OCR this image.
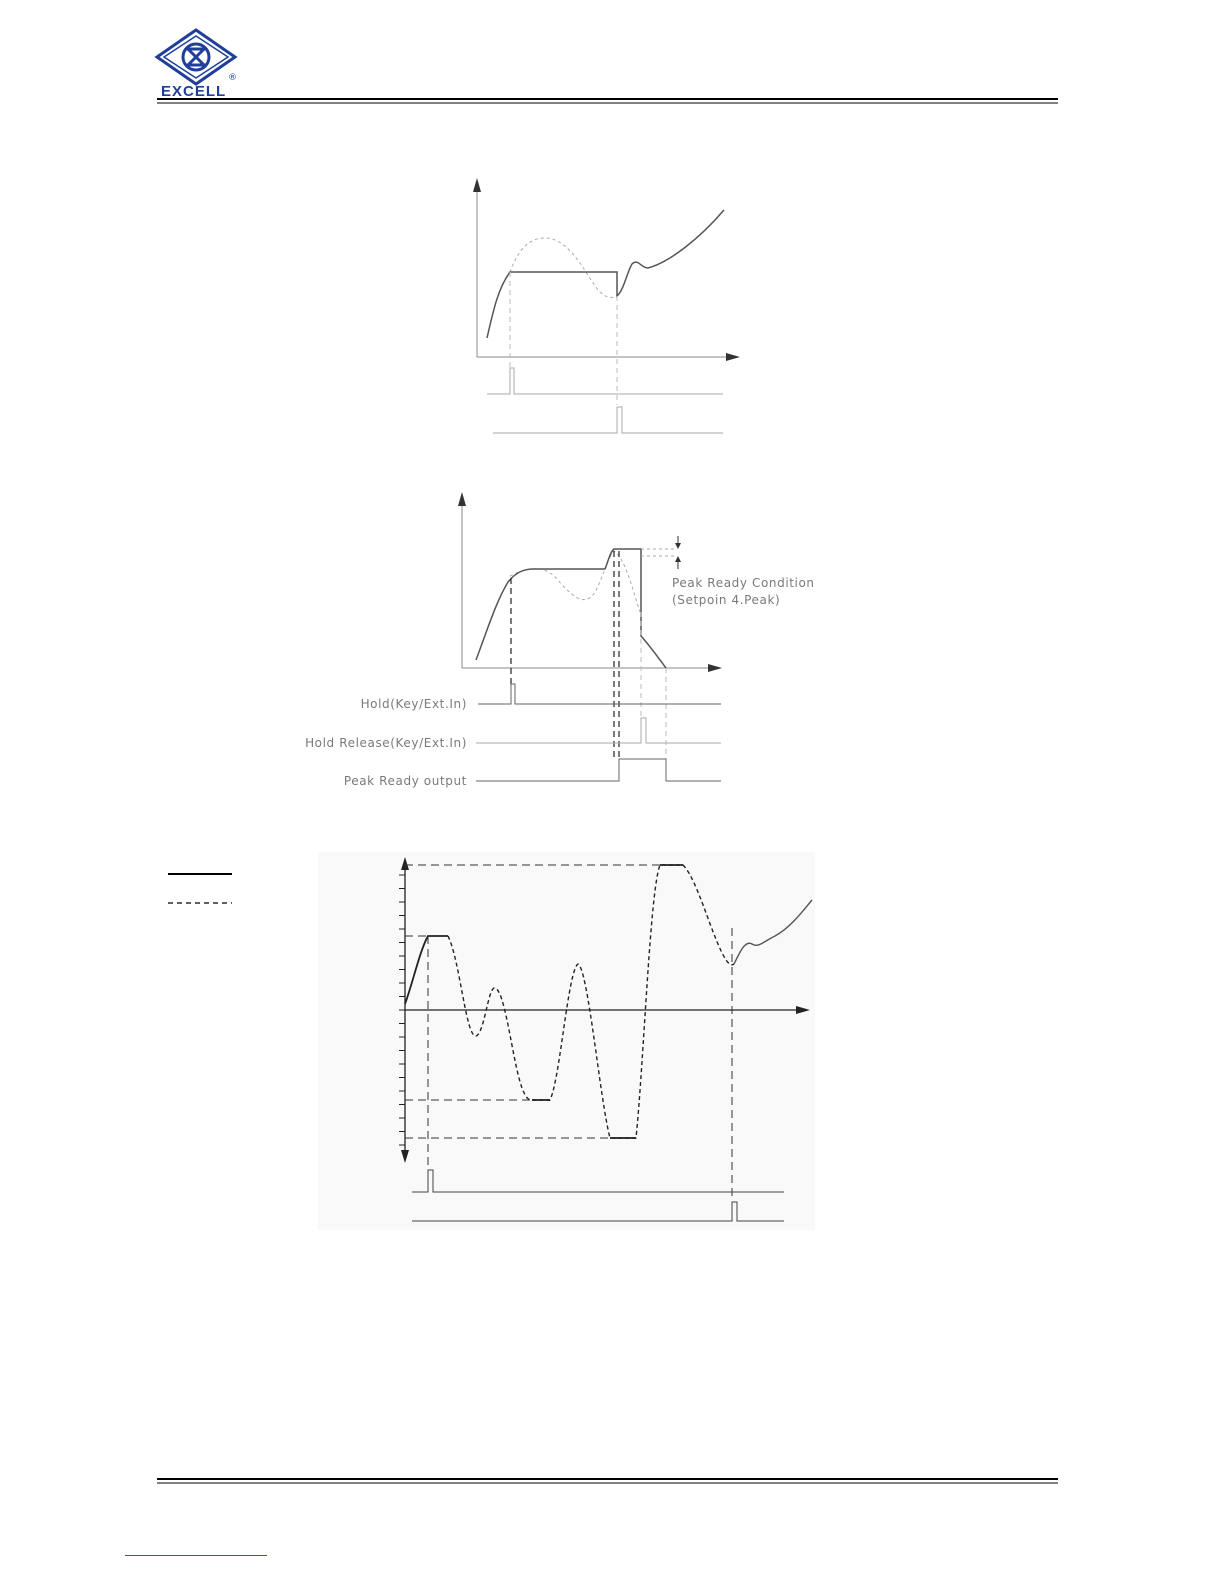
EXCELL
®
Peak Ready Condition
(Setpoin 4.Peak)
Hold(Key/Ext.In)
Hold Release(Key/Ext.In)
Peak Ready output
